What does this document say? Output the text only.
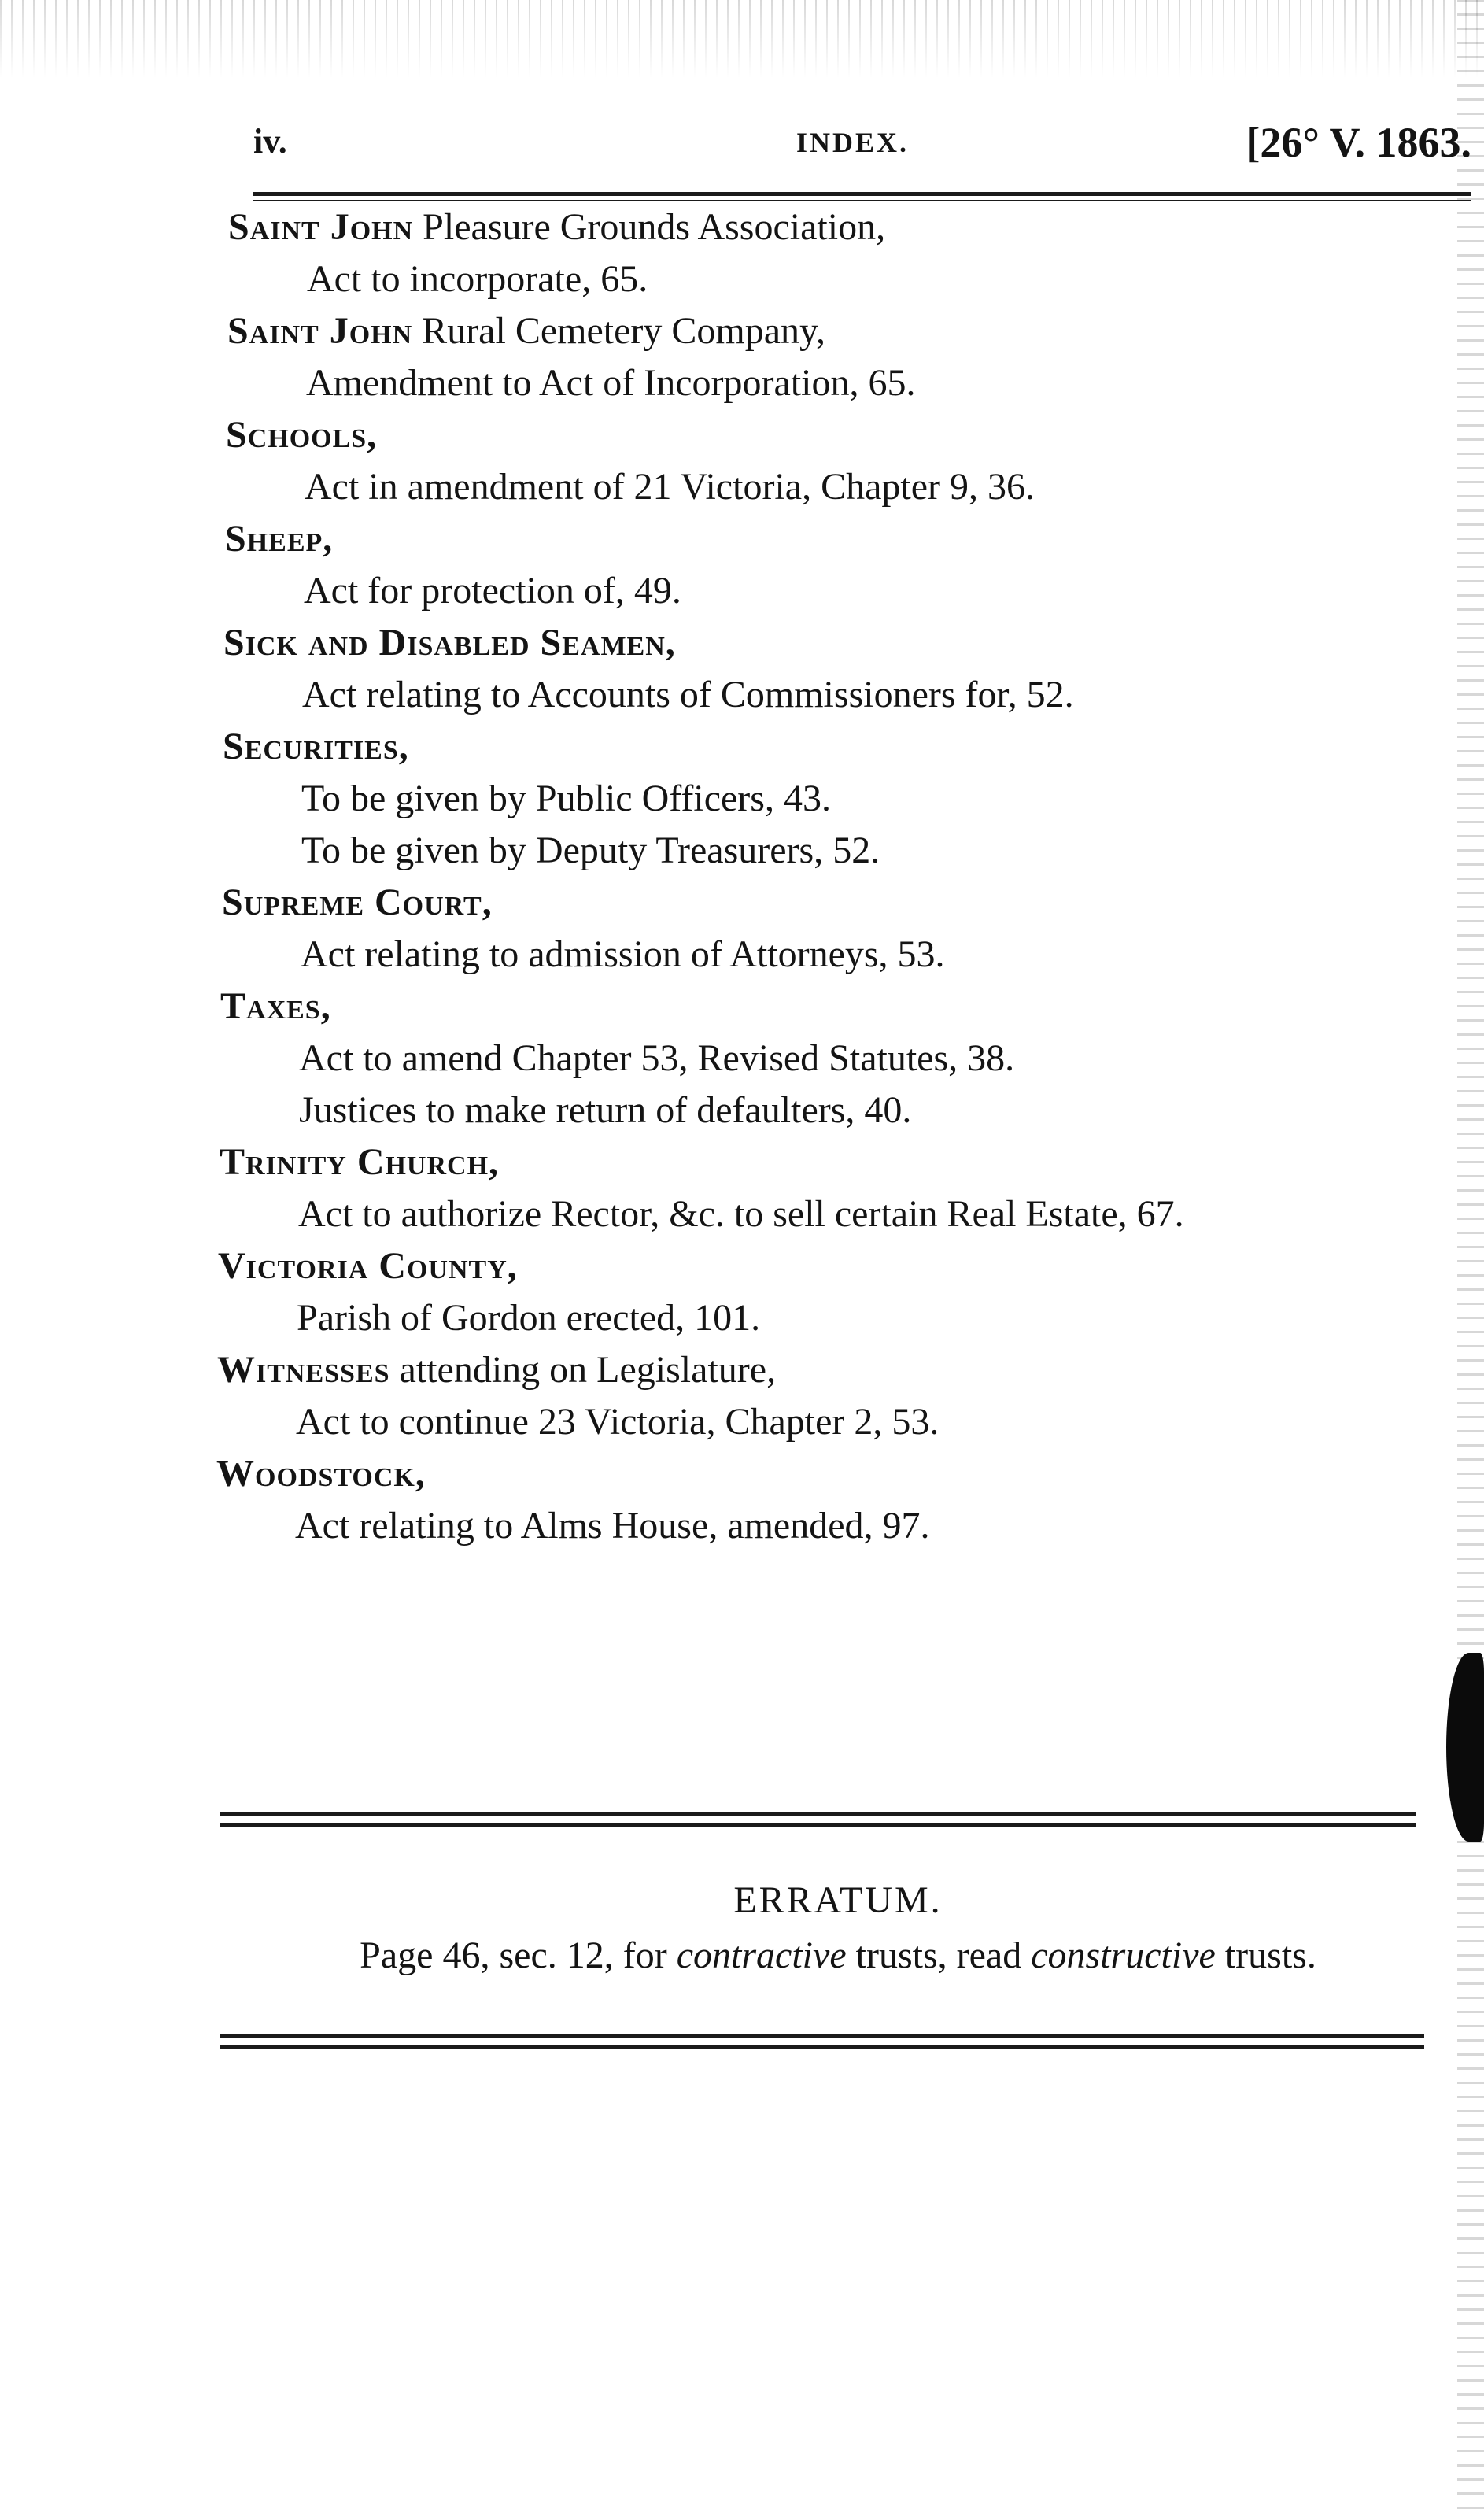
iv.	INDEX.	[26° V. 1863.
Saint John Pleasure Grounds Association,
Act to incorporate, 65.
Saint John Rural Cemetery Company,
Amendment to Act of Incorporation, 65.
Schools,
Act in amendment of 21 Victoria, Chapter 9, 36.
Sheep,
Act for protection of, 49.
Sick and Disabled Seamen,
Act relating to Accounts of Commissioners for, 52.
Securities,
To be given by Public Officers, 43.
To be given by Deputy Treasurers, 52.
Supreme Court,
Act relating to admission of Attorneys, 53.
Taxes,
Act to amend Chapter 53, Revised Statutes, 38.
Justices to make return of defaulters, 40.
Trinity Church,
Act to authorize Rector, &c. to sell certain Real Estate, 67.
Victoria County,
Parish of Gordon erected, 101.
Witnesses attending on Legislature,
Act to continue 23 Victoria, Chapter 2, 53.
Woodstock,
Act relating to Alms House, amended, 97.
ERRATUM.
Page 46, sec. 12, for contractive trusts, read constructive trusts.
